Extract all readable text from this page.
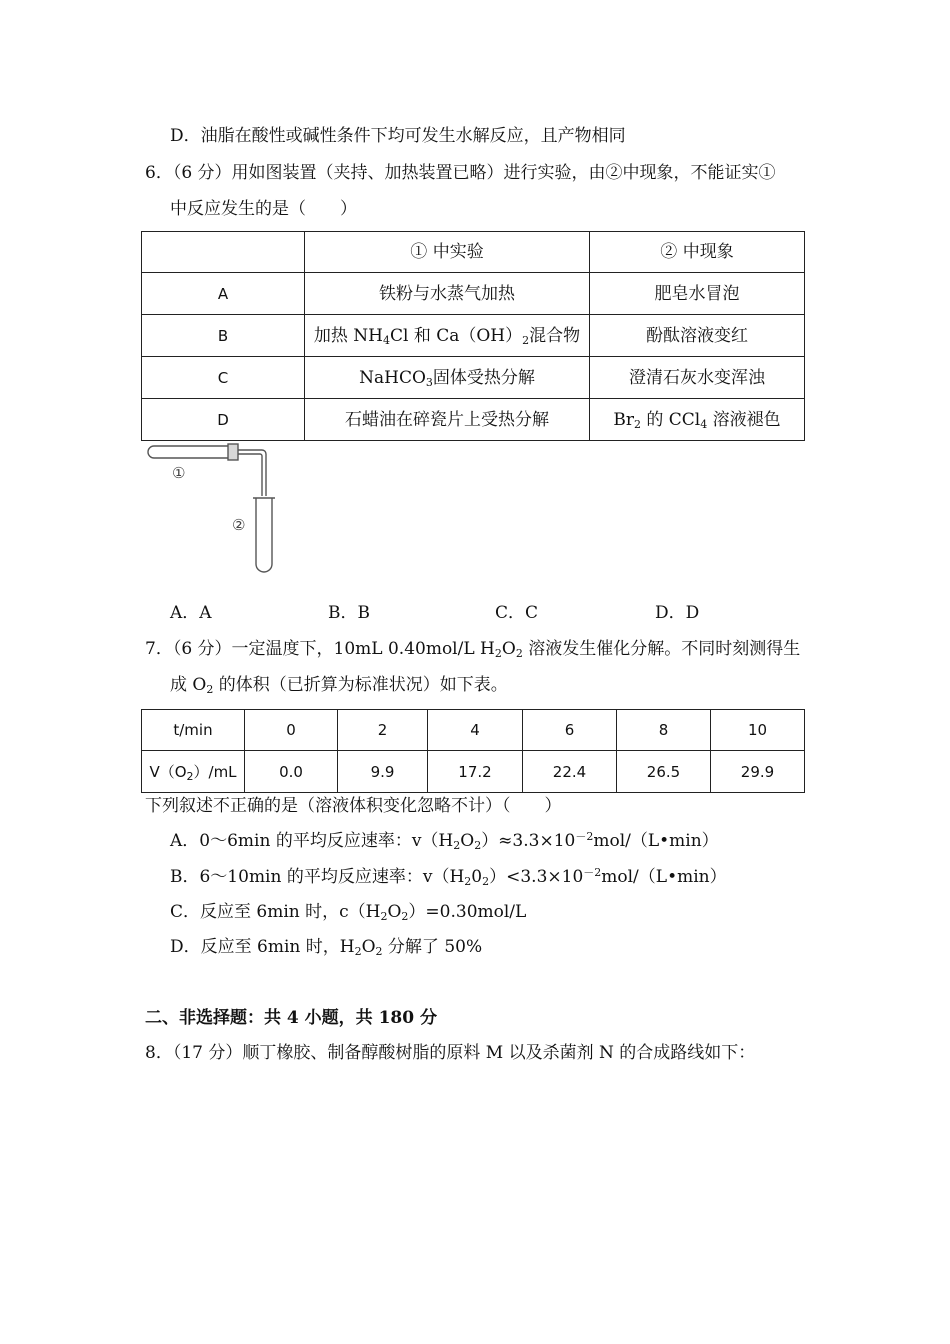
D．油脂在酸性或碱性条件下均可发生水解反应，且产物相同
6．（6 分）用如图装置（夹持、加热装置已略）进行实验，由②中现象，不能证实①
中反应发生的是（　　）
	① 中实验	② 中现象
A	铁粉与水蒸气加热	肥皂水冒泡
B	加热 $NH_4Cl$ 和 $Ca(OH)_2$混合物	酚酞溶液变红
C	NaHCO$_3$固体受热分解	澄清石灰水变浑浊
D	石蜡油在碎瓷片上受热分解	$Br_2$ 的 CCl$_4$ 溶液褪色
①
②
A．A	B．B	C．C	D．D
7．（6 分）一定温度下，10mL 0.40mol/L $H_2O_2$ 溶液发生催化分解。不同时刻测得生
成 $O_2$ 的体积（已折算为标准状况）如下表。
t/min	0	2	4	6	8	10
$V(O_2)/mL$	0.0	9.9	17.2	22.4	26.5	29.9
下列叙述不正确的是（溶液体积变化忽略不计）（　　）
A．0～6min 的平均反应速率：$v(H_2O_2)\approx 3.3\times 10^{-2}mol/(L•\min)$
B．6～10min 的平均反应速率：$v(H_20_2)<3.3\times 10^{-2}mol/(L•\min)$
C．反应至 6min 时，$c(H_2O_2)=0.30mol/L$
D．反应至 6min 时，$H_2O_2$ 分解了 50%
二、非选择题：共 4 小题，共 180 分
8．（17 分）顺丁橡胶、制备醇酸树脂的原料 M 以及杀菌剂 N 的合成路线如下：
